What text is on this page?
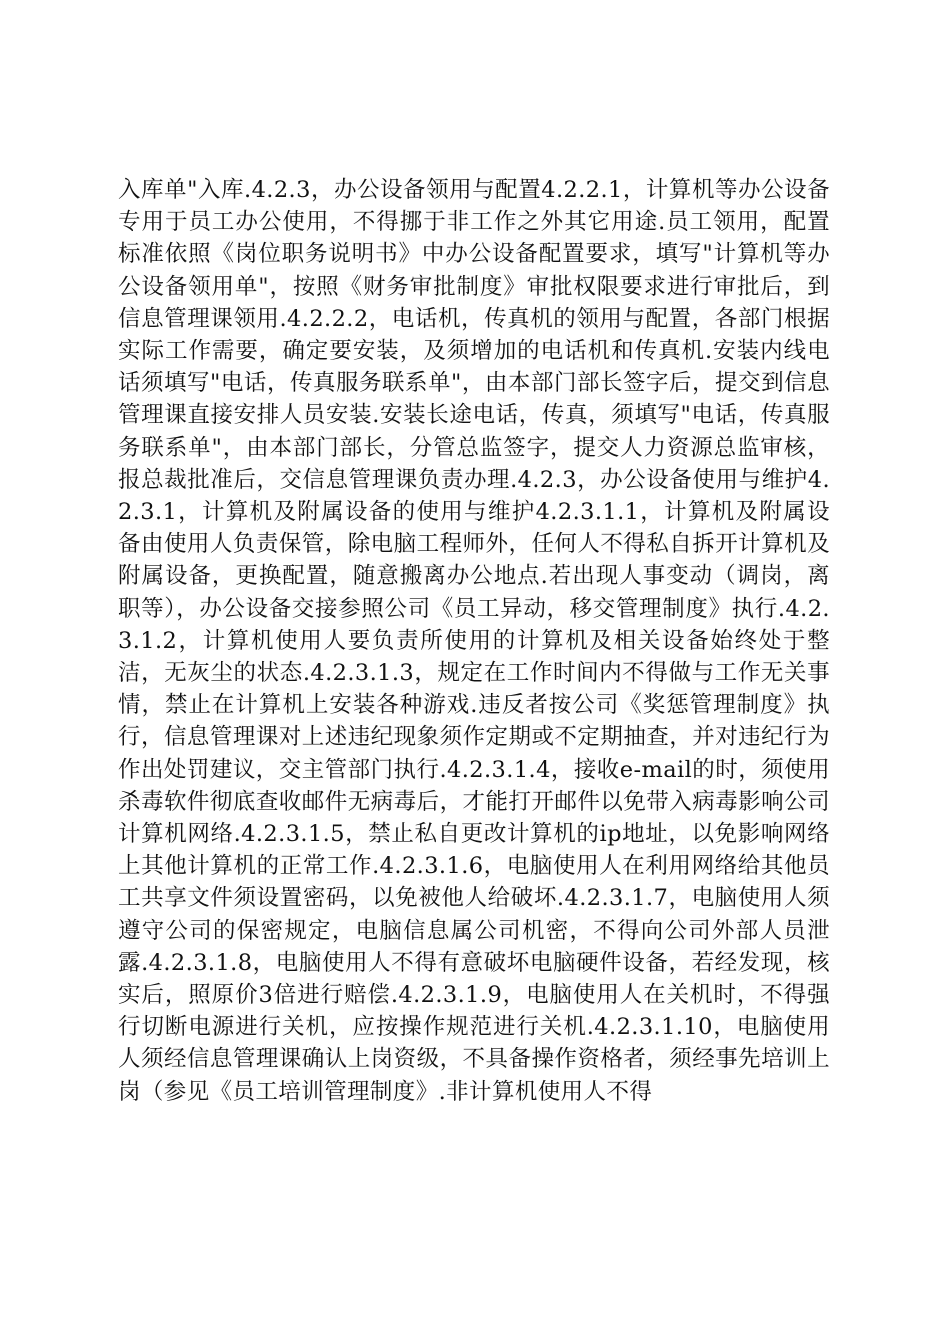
入库单"入库.4.2.3，办公设备领用与配置4.2.2.1，计算机等办公设备专用于员工办公使用，不得挪于非工作之外其它用途.员工领用，配置标准依照《岗位职务说明书》中办公设备配置要求，填写"计算机等办公设备领用单"，按照《财务审批制度》审批权限要求进行审批后，到信息管理课领用.4.2.2.2，电话机，传真机的领用与配置，各部门根据实际工作需要，确定要安装，及须增加的电话机和传真机.安装内线电话须填写"电话，传真服务联系单"，由本部门部长签字后，提交到信息管理课直接安排人员安装.安装长途电话，传真，须填写"电话，传真服务联系单"，由本部门部长，分管总监签字，提交人力资源总监审核，报总裁批准后，交信息管理课负责办理.4.2.3，办公设备使用与维护4.2.3.1，计算机及附属设备的使用与维护4.2.3.1.1，计算机及附属设备由使用人负责保管，除电脑工程师外，任何人不得私自拆开计算机及附属设备，更换配置，随意搬离办公地点.若出现人事变动（调岗，离职等），办公设备交接参照公司《员工异动，移交管理制度》执行.4.2.3.1.2，计算机使用人要负责所使用的计算机及相关设备始终处于整洁，无灰尘的状态.4.2.3.1.3，规定在工作时间内不得做与工作无关事情，禁止在计算机上安装各种游戏.违反者按公司《奖惩管理制度》执行，信息管理课对上述违纪现象须作定期或不定期抽查，并对违纪行为作出处罚建议，交主管部门执行.4.2.3.1.4，接收e-mail的时，须使用杀毒软件彻底查收邮件无病毒后，才能打开邮件以免带入病毒影响公司计算机网络.4.2.3.1.5，禁止私自更改计算机的ip地址，以免影响网络上其他计算机的正常工作.4.2.3.1.6，电脑使用人在利用网络给其他员工共享文件须设置密码，以免被他人给破坏.4.2.3.1.7，电脑使用人须遵守公司的保密规定，电脑信息属公司机密，不得向公司外部人员泄露.4.2.3.1.8，电脑使用人不得有意破坏电脑硬件设备，若经发现，核实后，照原价3倍进行赔偿.4.2.3.1.9，电脑使用人在关机时，不得强行切断电源进行关机，应按操作规范进行关机.4.2.3.1.10，电脑使用人须经信息管理课确认上岗资级，不具备操作资格者，须经事先培训上岗（参见《员工培训管理制度》.非计算机使用人不得
